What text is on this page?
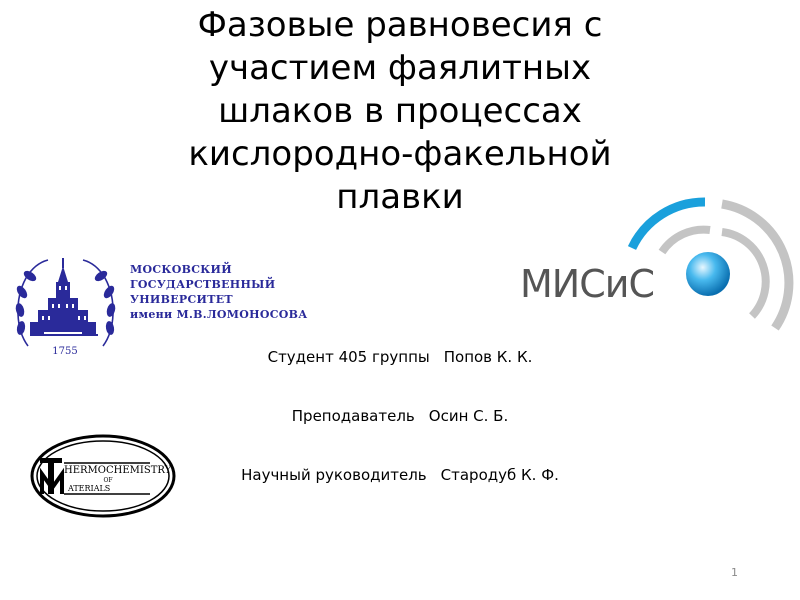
Фазовые равновесия с
участием фаялитных
шлаков в процессах
кислородно-факельной
плавки
1755
МОСКОВСКИЙ
ГОСУДАРСТВЕННЫЙ
УНИВЕРСИТЕТ
имени М.В.ЛОМОНОСОВА
МИСиС
Студент 405 группы Попов К. К.
Преподаватель Осин С. Б.
Научный руководитель Стародуб К. Ф.
HERMOCHEMISTRY
OF
ATERIALS
1
